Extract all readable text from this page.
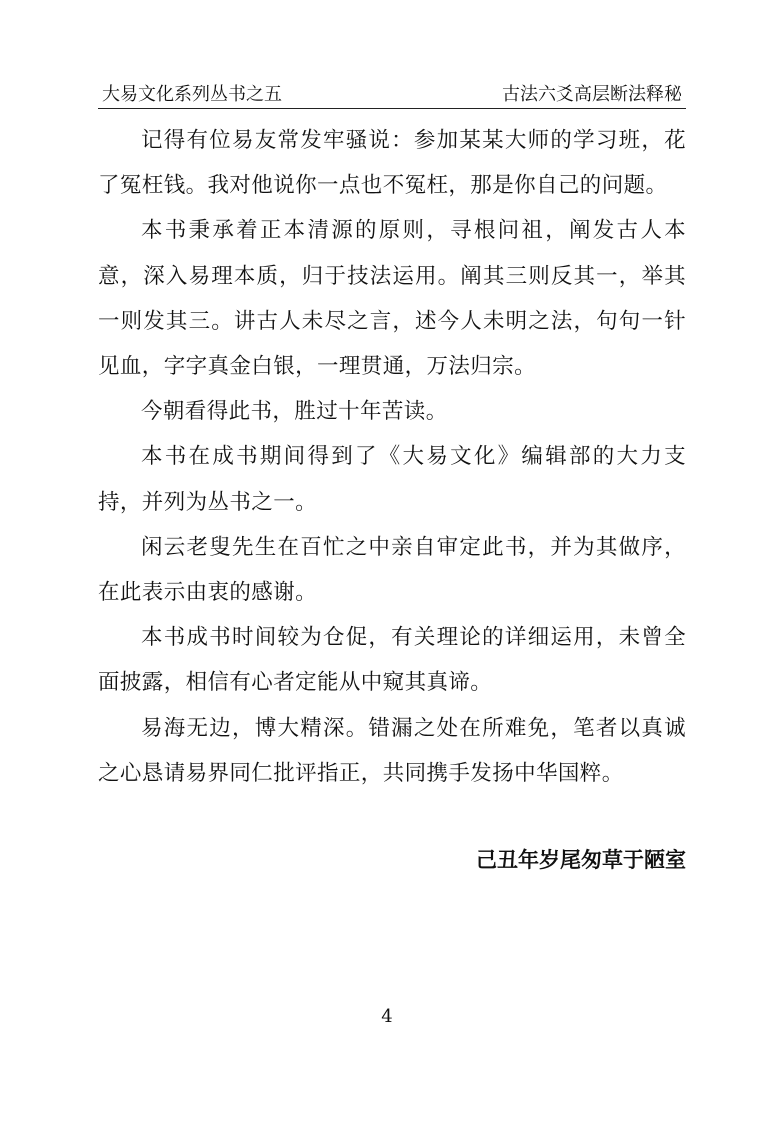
大易文化系列丛书之五	古法六爻高层断法释秘

记得有位易友常发牢骚说：参加某某大师的学习班，花了冤枉钱。我对他说你一点也不冤枉，那是你自己的问题。

本书秉承着正本清源的原则，寻根问祖，阐发古人本意，深入易理本质，归于技法运用。阐其三则反其一，举其一则发其三。讲古人未尽之言，述今人未明之法，句句一针见血，字字真金白银，一理贯通，万法归宗。

今朝看得此书，胜过十年苦读。

本书在成书期间得到了《大易文化》编辑部的大力支持，并列为丛书之一。

闲云老叟先生在百忙之中亲自审定此书，并为其做序，在此表示由衷的感谢。

本书成书时间较为仓促，有关理论的详细运用，未曾全面披露，相信有心者定能从中窥其真谛。

易海无边，博大精深。错漏之处在所难免，笔者以真诚之心恳请易界同仁批评指正，共同携手发扬中华国粹。

己丑年岁尾匆草于陋室
4
